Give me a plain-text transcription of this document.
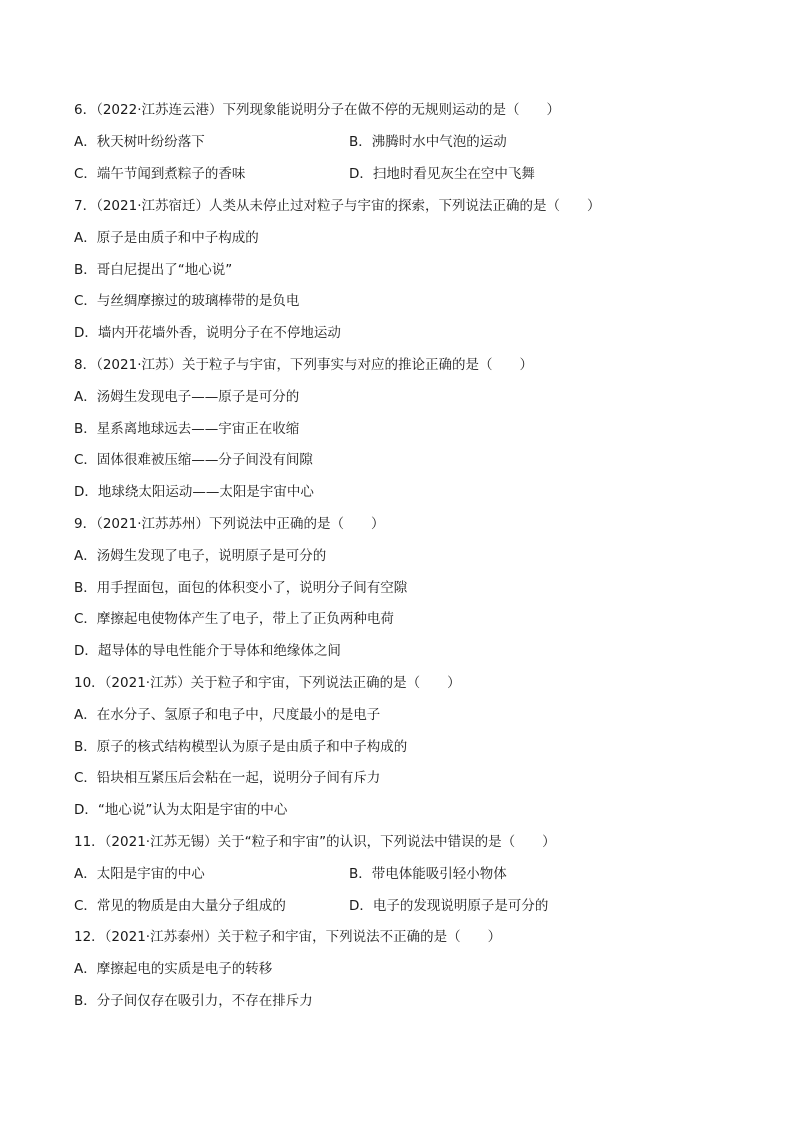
6．（2022·江苏连云港）下列现象能说明分子在做不停的无规则运动的是（　　）
A．秋天树叶纷纷落下	B．沸腾时水中气泡的运动
C．端午节闻到煮粽子的香味	D．扫地时看见灰尘在空中飞舞
7．（2021·江苏宿迁）人类从未停止过对粒子与宇宙的探索，下列说法正确的是（　　）
A．原子是由质子和中子构成的
B．哥白尼提出了“地心说”
C．与丝绸摩擦过的玻璃棒带的是负电
D．墙内开花墙外香，说明分子在不停地运动
8．（2021·江苏）关于粒子与宇宙，下列事实与对应的推论正确的是（　　）
A．汤姆生发现电子——原子是可分的
B．星系离地球远去——宇宙正在收缩
C．固体很难被压缩——分子间没有间隙
D．地球绕太阳运动——太阳是宇宙中心
9．（2021·江苏苏州）下列说法中正确的是（　　）
A．汤姆生发现了电子，说明原子是可分的
B．用手捏面包，面包的体积变小了，说明分子间有空隙
C．摩擦起电使物体产生了电子，带上了正负两种电荷
D．超导体的导电性能介于导体和绝缘体之间
10．（2021·江苏）关于粒子和宇宙，下列说法正确的是（　　）
A．在水分子、氢原子和电子中，尺度最小的是电子
B．原子的核式结构模型认为原子是由质子和中子构成的
C．铅块相互紧压后会粘在一起，说明分子间有斥力
D．“地心说”认为太阳是宇宙的中心
11．（2021·江苏无锡）关于“粒子和宇宙”的认识，下列说法中错误的是（　　）
A．太阳是宇宙的中心	B．带电体能吸引轻小物体
C．常见的物质是由大量分子组成的	D．电子的发现说明原子是可分的
12．（2021·江苏泰州）关于粒子和宇宙，下列说法不正确的是（　　）
A．摩擦起电的实质是电子的转移
B．分子间仅存在吸引力，不存在排斥力
